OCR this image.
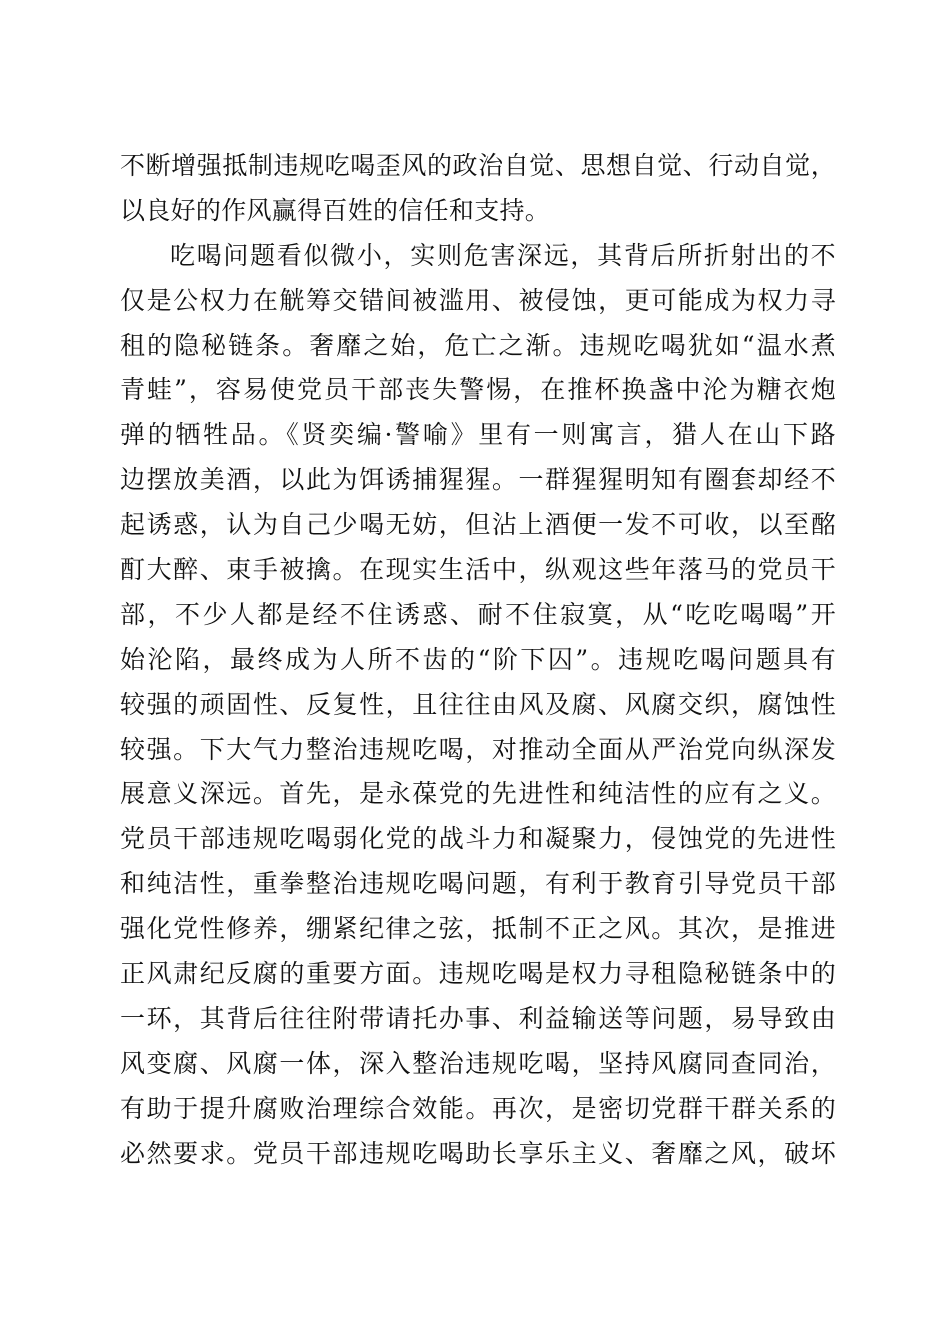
不断增强抵制违规吃喝歪风的政治自觉、思想自觉、行动自觉，
以良好的作风赢得百姓的信任和支持。
吃喝问题看似微小，实则危害深远，其背后所折射出的不
仅是公权力在觥筹交错间被滥用、被侵蚀，更可能成为权力寻
租的隐秘链条。奢靡之始，危亡之渐。违规吃喝犹如“温水煮
青蛙”，容易使党员干部丧失警惕，在推杯换盏中沦为糖衣炮
弹的牺牲品。《贤奕编·警喻》里有一则寓言，猎人在山下路
边摆放美酒，以此为饵诱捕猩猩。一群猩猩明知有圈套却经不
起诱惑，认为自己少喝无妨，但沾上酒便一发不可收，以至酩
酊大醉、束手被擒。在现实生活中，纵观这些年落马的党员干
部，不少人都是经不住诱惑、耐不住寂寞，从“吃吃喝喝”开
始沦陷，最终成为人所不齿的“阶下囚”。违规吃喝问题具有
较强的顽固性、反复性，且往往由风及腐、风腐交织，腐蚀性
较强。下大气力整治违规吃喝，对推动全面从严治党向纵深发
展意义深远。首先，是永葆党的先进性和纯洁性的应有之义。
党员干部违规吃喝弱化党的战斗力和凝聚力，侵蚀党的先进性
和纯洁性，重拳整治违规吃喝问题，有利于教育引导党员干部
强化党性修养，绷紧纪律之弦，抵制不正之风。其次，是推进
正风肃纪反腐的重要方面。违规吃喝是权力寻租隐秘链条中的
一环，其背后往往附带请托办事、利益输送等问题，易导致由
风变腐、风腐一体，深入整治违规吃喝，坚持风腐同查同治，
有助于提升腐败治理综合效能。再次，是密切党群干群关系的
必然要求。党员干部违规吃喝助长享乐主义、奢靡之风，破坏
